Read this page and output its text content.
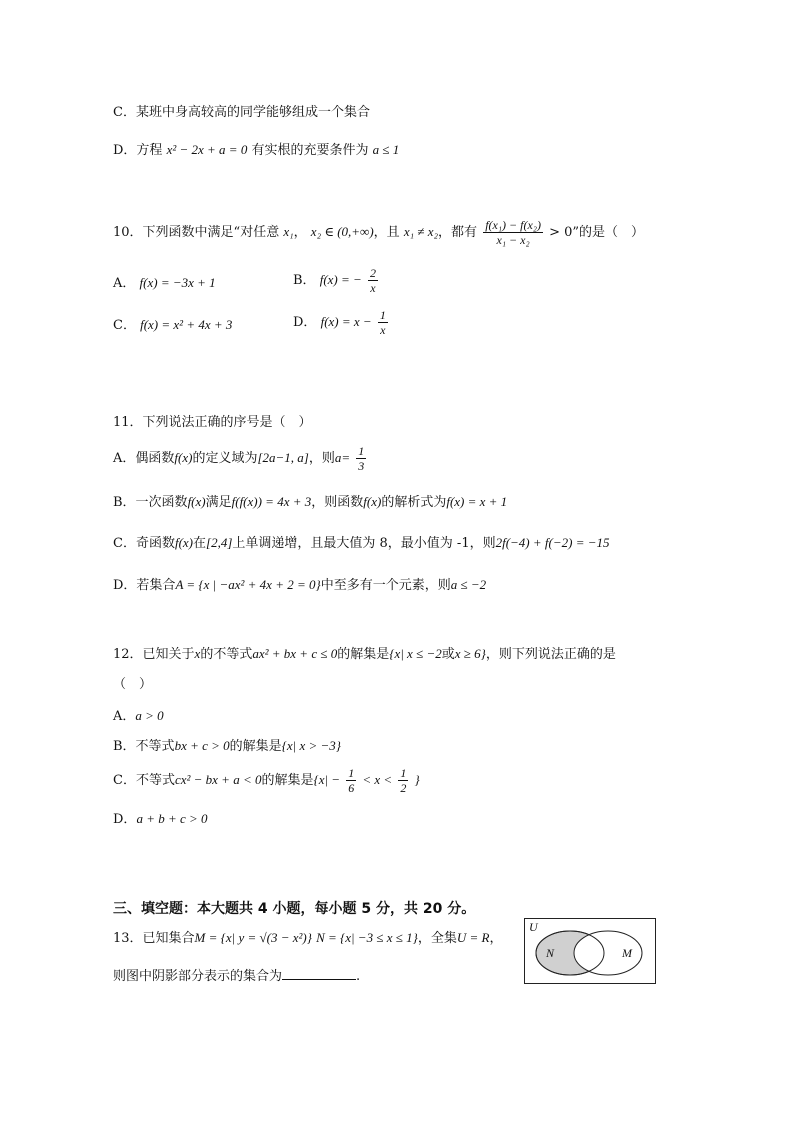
C．某班中身高较高的同学能够组成一个集合
D．方程 x² − 2x + a = 0 有实根的充要条件为 a ≤ 1
10．下列函数中满足“对任意 x₁， x₂ ∈ (0,+∞)，且 x₁ ≠ x₂，都有 $\frac{\text{f(x₁) − f(x₂)}}{\text{x₁ − x₂}} > 0$”的是（　）
A． f(x) = −3x + 1	B． f(x) = − $\frac{2}{x}$
C． f(x) = x² + 4x + 3	D． $f(x) = x - \frac{1}{x}$
11．下列说法正确的序号是（　）
A．偶函数f(x)的定义域为[2a−1, a]，则$a= \frac{1}{3}$
B．一次函数f(x)满足f(f(x)) = 4x + 3，则函数f(x)的解析式为f(x) = x + 1
C．奇函数f(x)在[2,4]上单调递增，且最大值为 8，最小值为 -1，则2f(−4) + f(−2) = −15
D．若集合A = {x | −ax² + 4x + 2 = 0}中至多有一个元素，则a ≤ −2
12．已知关于x的不等式ax² + bx + c ≤ 0的解集是{x| x ≤ −2或x ≥ 6}，则下列说法正确的是
（　）
A．a > 0
B．不等式bx + c > 0的解集是{x| x > −3}
C．不等式cx² − bx + a < 0的解集是{$x| - \frac{1}{6} < x < \frac{1}{2}$ }
D．a + b + c > 0
三、填空题：本大题共 4 小题，每小题 5 分，共 20 分。
13．已知集合M = {x| y = √(3 − x²)} N = {x| −3 ≤ x ≤ 1}，全集U = R，
则图中阴影部分表示的集合为	.
U
N	M
